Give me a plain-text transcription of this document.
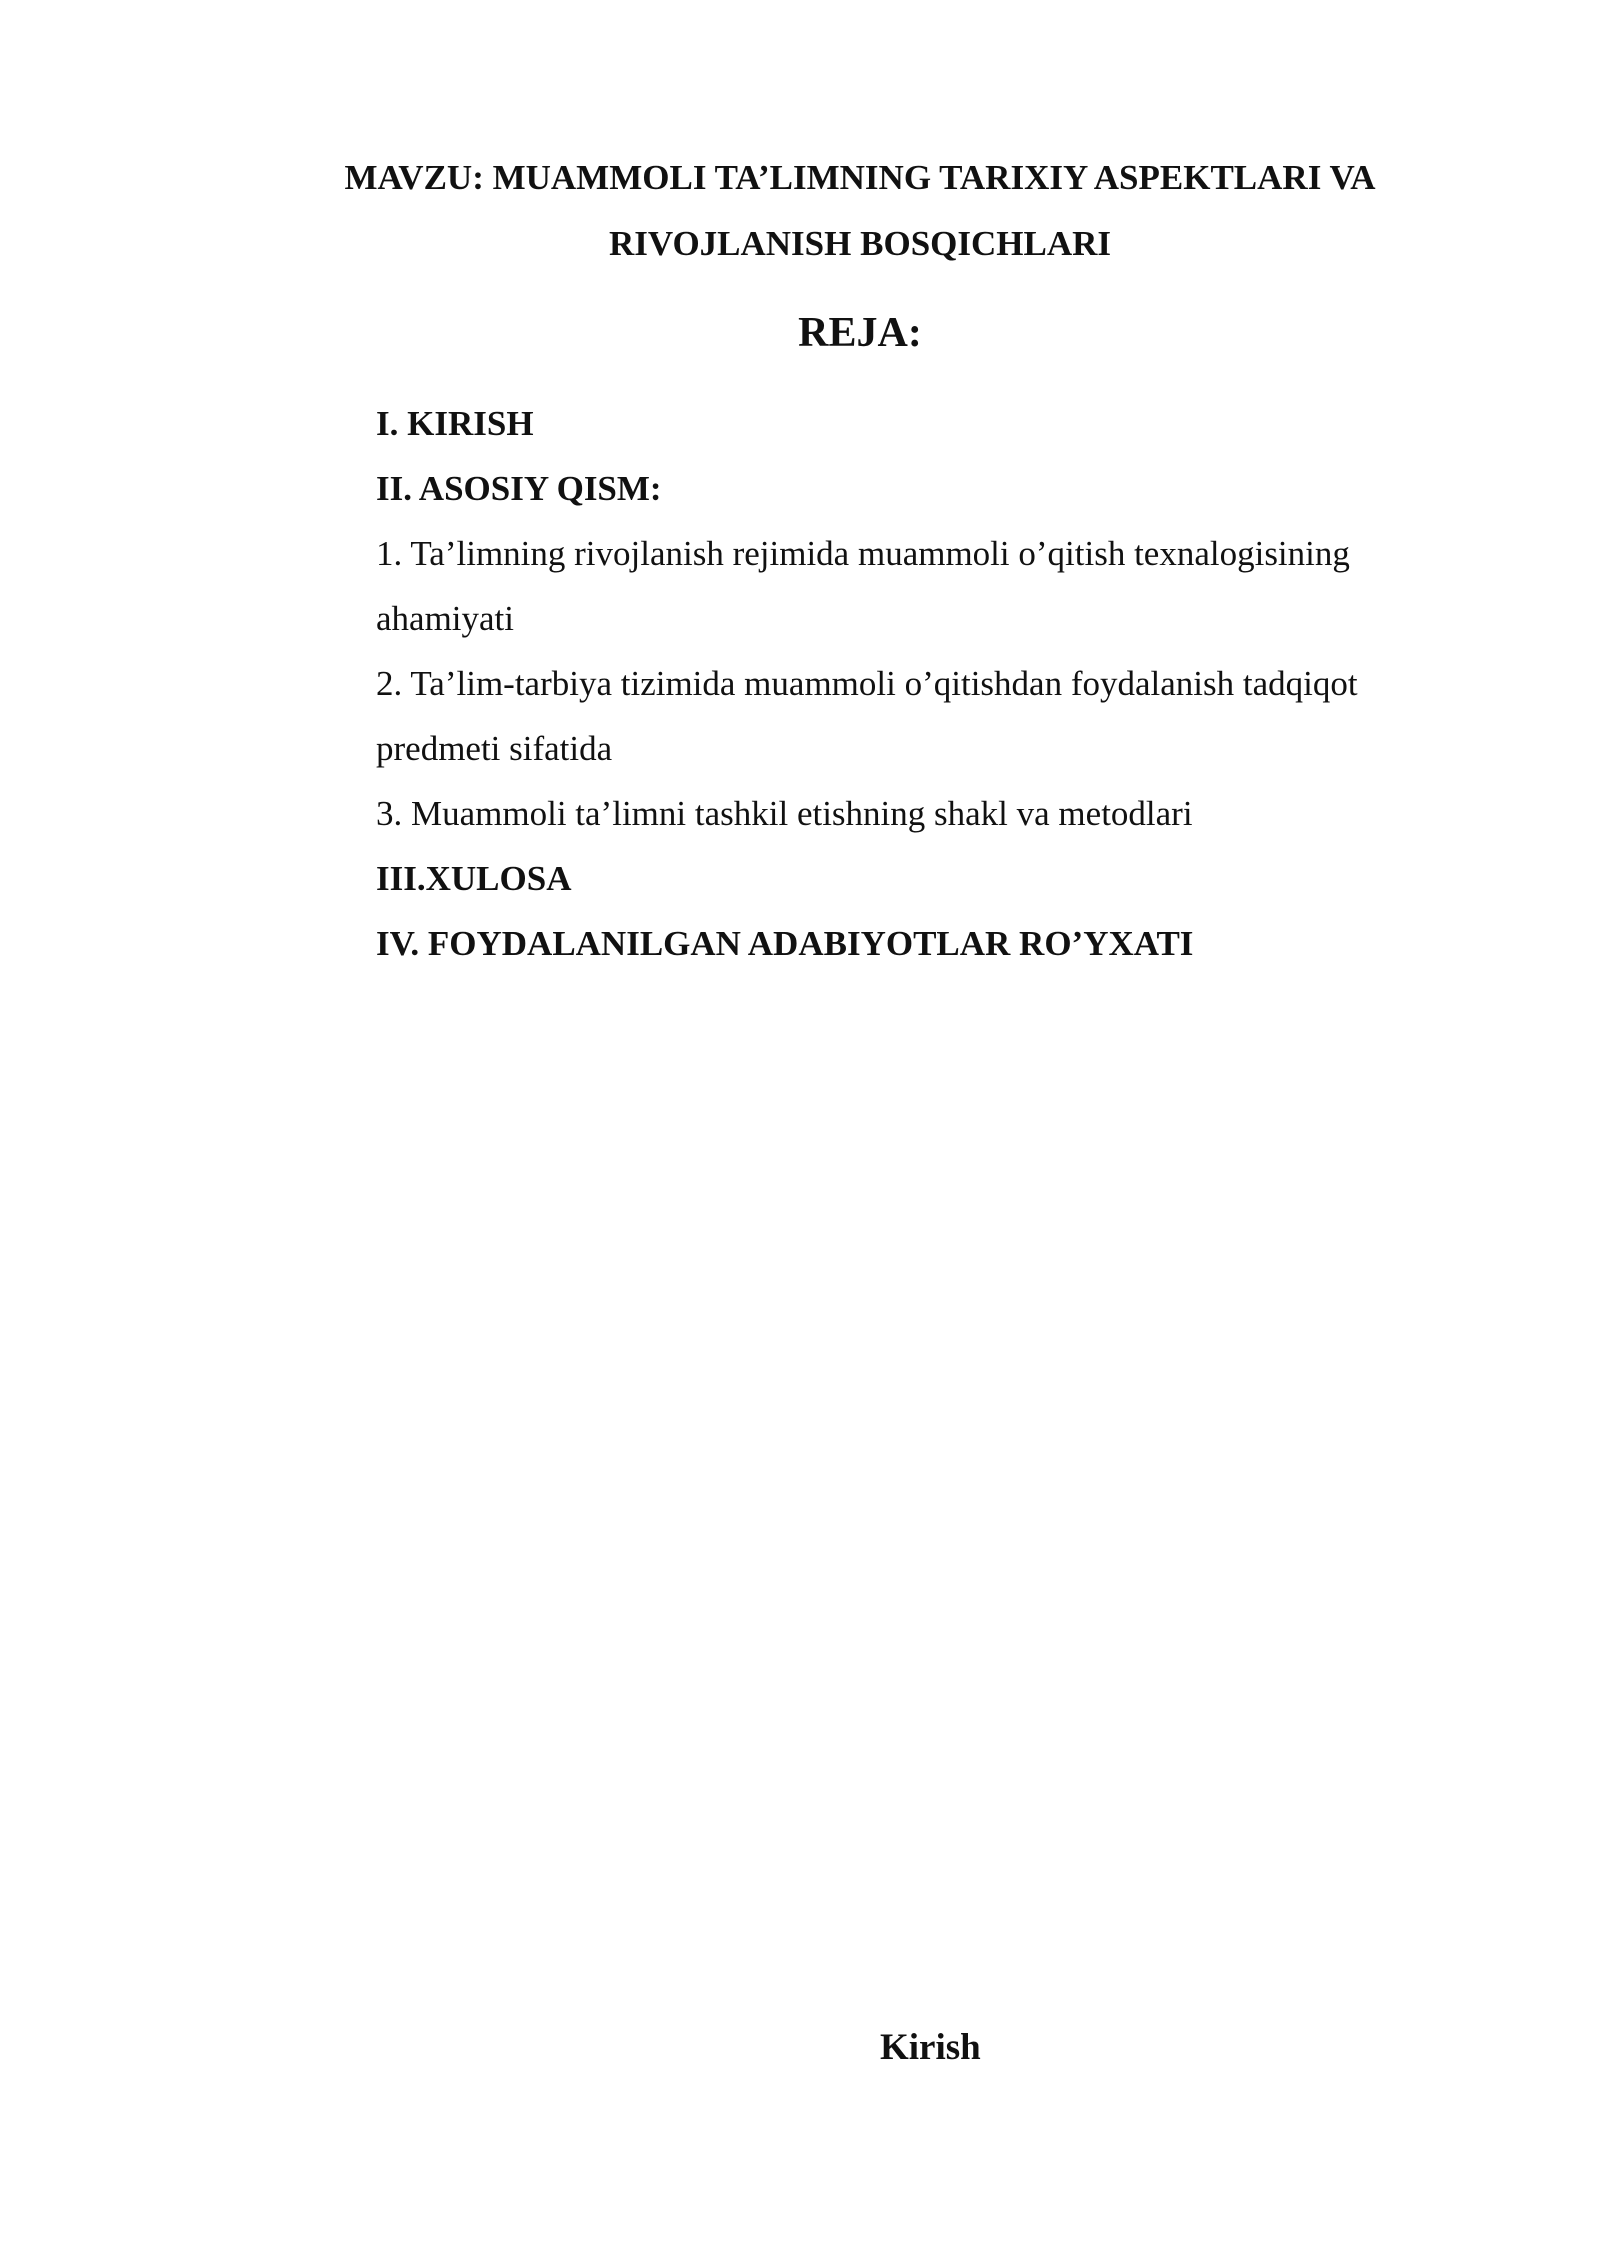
MAVZU: MUAMMOLI TA’LIMNING TARIXIY ASPEKTLARI VA
RIVOJLANISH BOSQICHLARI
REJA:
I. KIRISH
II. ASOSIY QISM:
1. Ta’limning rivojlanish rejimida muammoli o’qitish texnalogisining
ahamiyati
2. Ta’lim-tarbiya tizimida muammoli o’qitishdan foydalanish tadqiqot
predmeti sifatida
3. Muammoli ta’limni tashkil etishning shakl va metodlari
III.XULOSA
IV. FOYDALANILGAN ADABIYOTLAR RO’YXATI
Kirish
